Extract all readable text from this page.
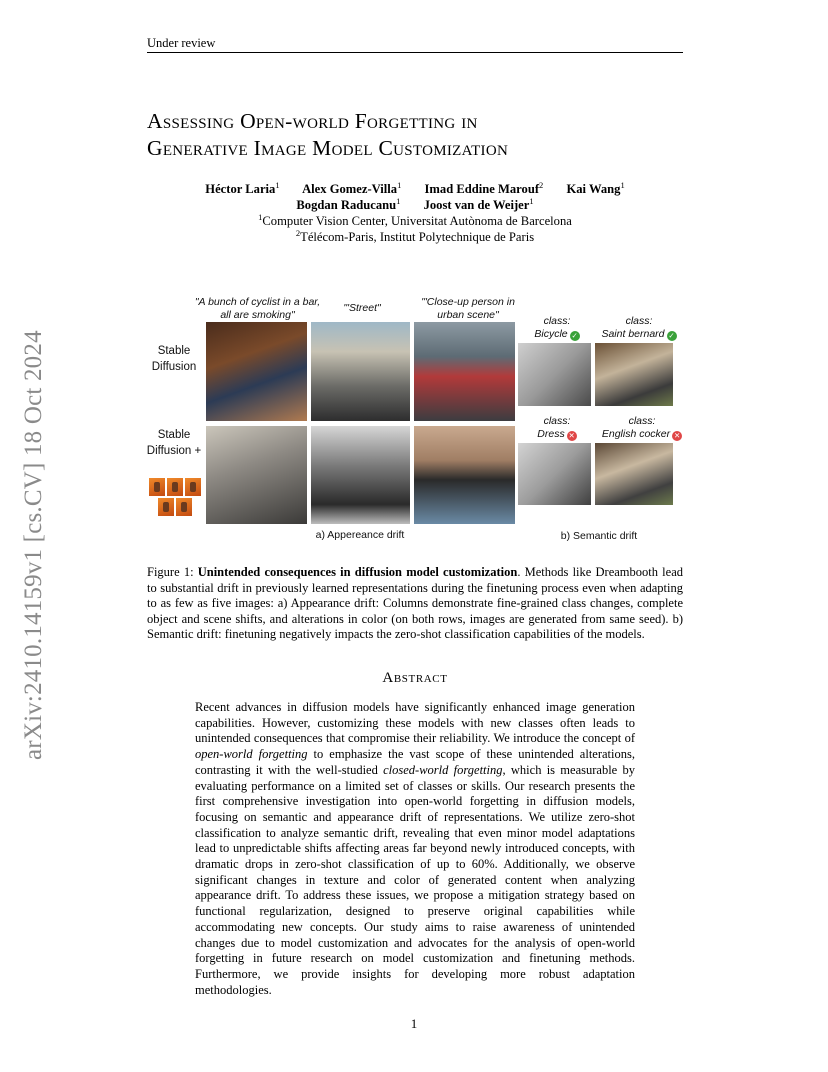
Under review
arXiv:2410.14159v1 [cs.CV] 18 Oct 2024
Assessing Open-world Forgetting in
Generative Image Model Customization
Héctor Laria$^1$ Alex Gomez-Villa$^1$ Imad Eddine Marouf$^2$ Kai Wang$^1$
Bogdan Raducanu$^1$ Joost van de Weijer$^1$
$^1$Computer Vision Center, Universitat Autònoma de Barcelona
$^2$Télécom-Paris, Institut Polytechnique de Paris
"A bunch of cyclist in a bar, all are smoking"
'"Street"	'"Close-up person in urban scene"
Stable Diffusion
Stable Diffusion +
a) Appereance drift
class:
Bicycle ✓
class:
Saint bernard ✓
class:
Dress ✕
class:
English cocker ✕
b) Semantic drift
Figure 1: Unintended consequences in diffusion model customization. Methods like Dreambooth lead to substantial drift in previously learned representations during the finetuning process even when adapting to as few as five images: a) Appearance drift: Columns demonstrate fine-grained class changes, complete object and scene shifts, and alterations in color (on both rows, images are generated from same seed). b) Semantic drift: finetuning negatively impacts the zero-shot classification capabilities of the models.
Abstract
Recent advances in diffusion models have significantly enhanced image generation capabilities. However, customizing these models with new classes often leads to unintended consequences that compromise their reliability. We introduce the concept of open-world forgetting to emphasize the vast scope of these unintended alterations, contrasting it with the well-studied closed-world forgetting, which is measurable by evaluating performance on a limited set of classes or skills. Our research presents the first comprehensive investigation into open-world forgetting in diffusion models, focusing on semantic and appearance drift of representations. We utilize zero-shot classification to analyze semantic drift, revealing that even minor model adaptations lead to unpredictable shifts affecting areas far beyond newly introduced concepts, with dramatic drops in zero-shot classification of up to 60%. Additionally, we observe significant changes in texture and color of generated content when analyzing appearance drift. To address these issues, we propose a mitigation strategy based on functional regularization, designed to preserve original capabilities while accommodating new concepts. Our study aims to raise awareness of unintended changes due to model customization and advocates for the analysis of open-world forgetting in future research on model customization and finetuning methods. Furthermore, we provide insights for developing more robust adaptation methodologies.
1
